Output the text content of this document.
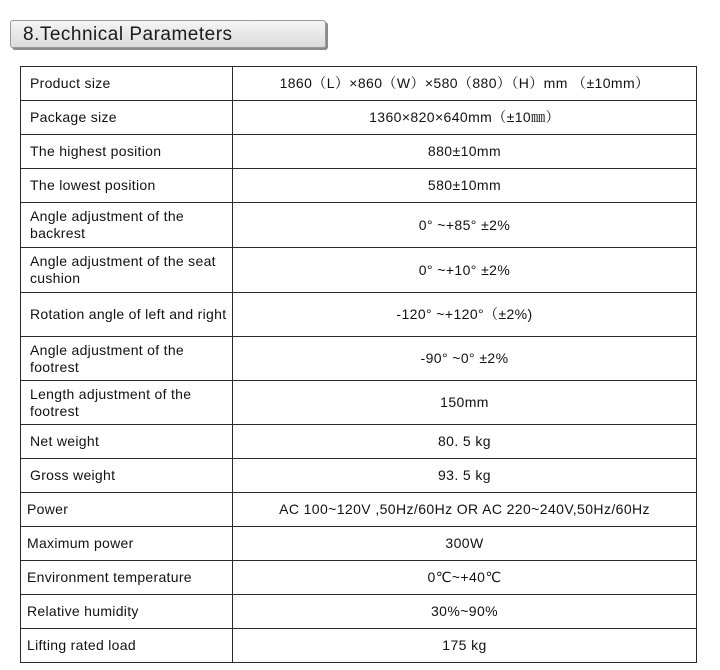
8.Technical Parameters
Product size	1860（L）×860（W）×580（880）（H）mm （±10mm）
Package size	1360×820×640mm（±10㎜）
The highest position	880±10mm
The lowest position	580±10mm
Angle adjustment of the backrest	0° ~+85° ±2%
Angle adjustment of the seat cushion	0° ~+10° ±2%
Rotation angle of left and right	-120° ~+120°（±2%)
Angle adjustment of the footrest	-90° ~0° ±2%
Length adjustment of the footrest	150mm
Net weight	80. 5 kg
Gross weight	93. 5 kg
Power	AC 100~120V ,50Hz/60Hz OR AC 220~240V,50Hz/60Hz
Maximum power	300W
Environment temperature	0℃~+40℃
Relative humidity	30%~90%
Lifting rated load	175 kg
